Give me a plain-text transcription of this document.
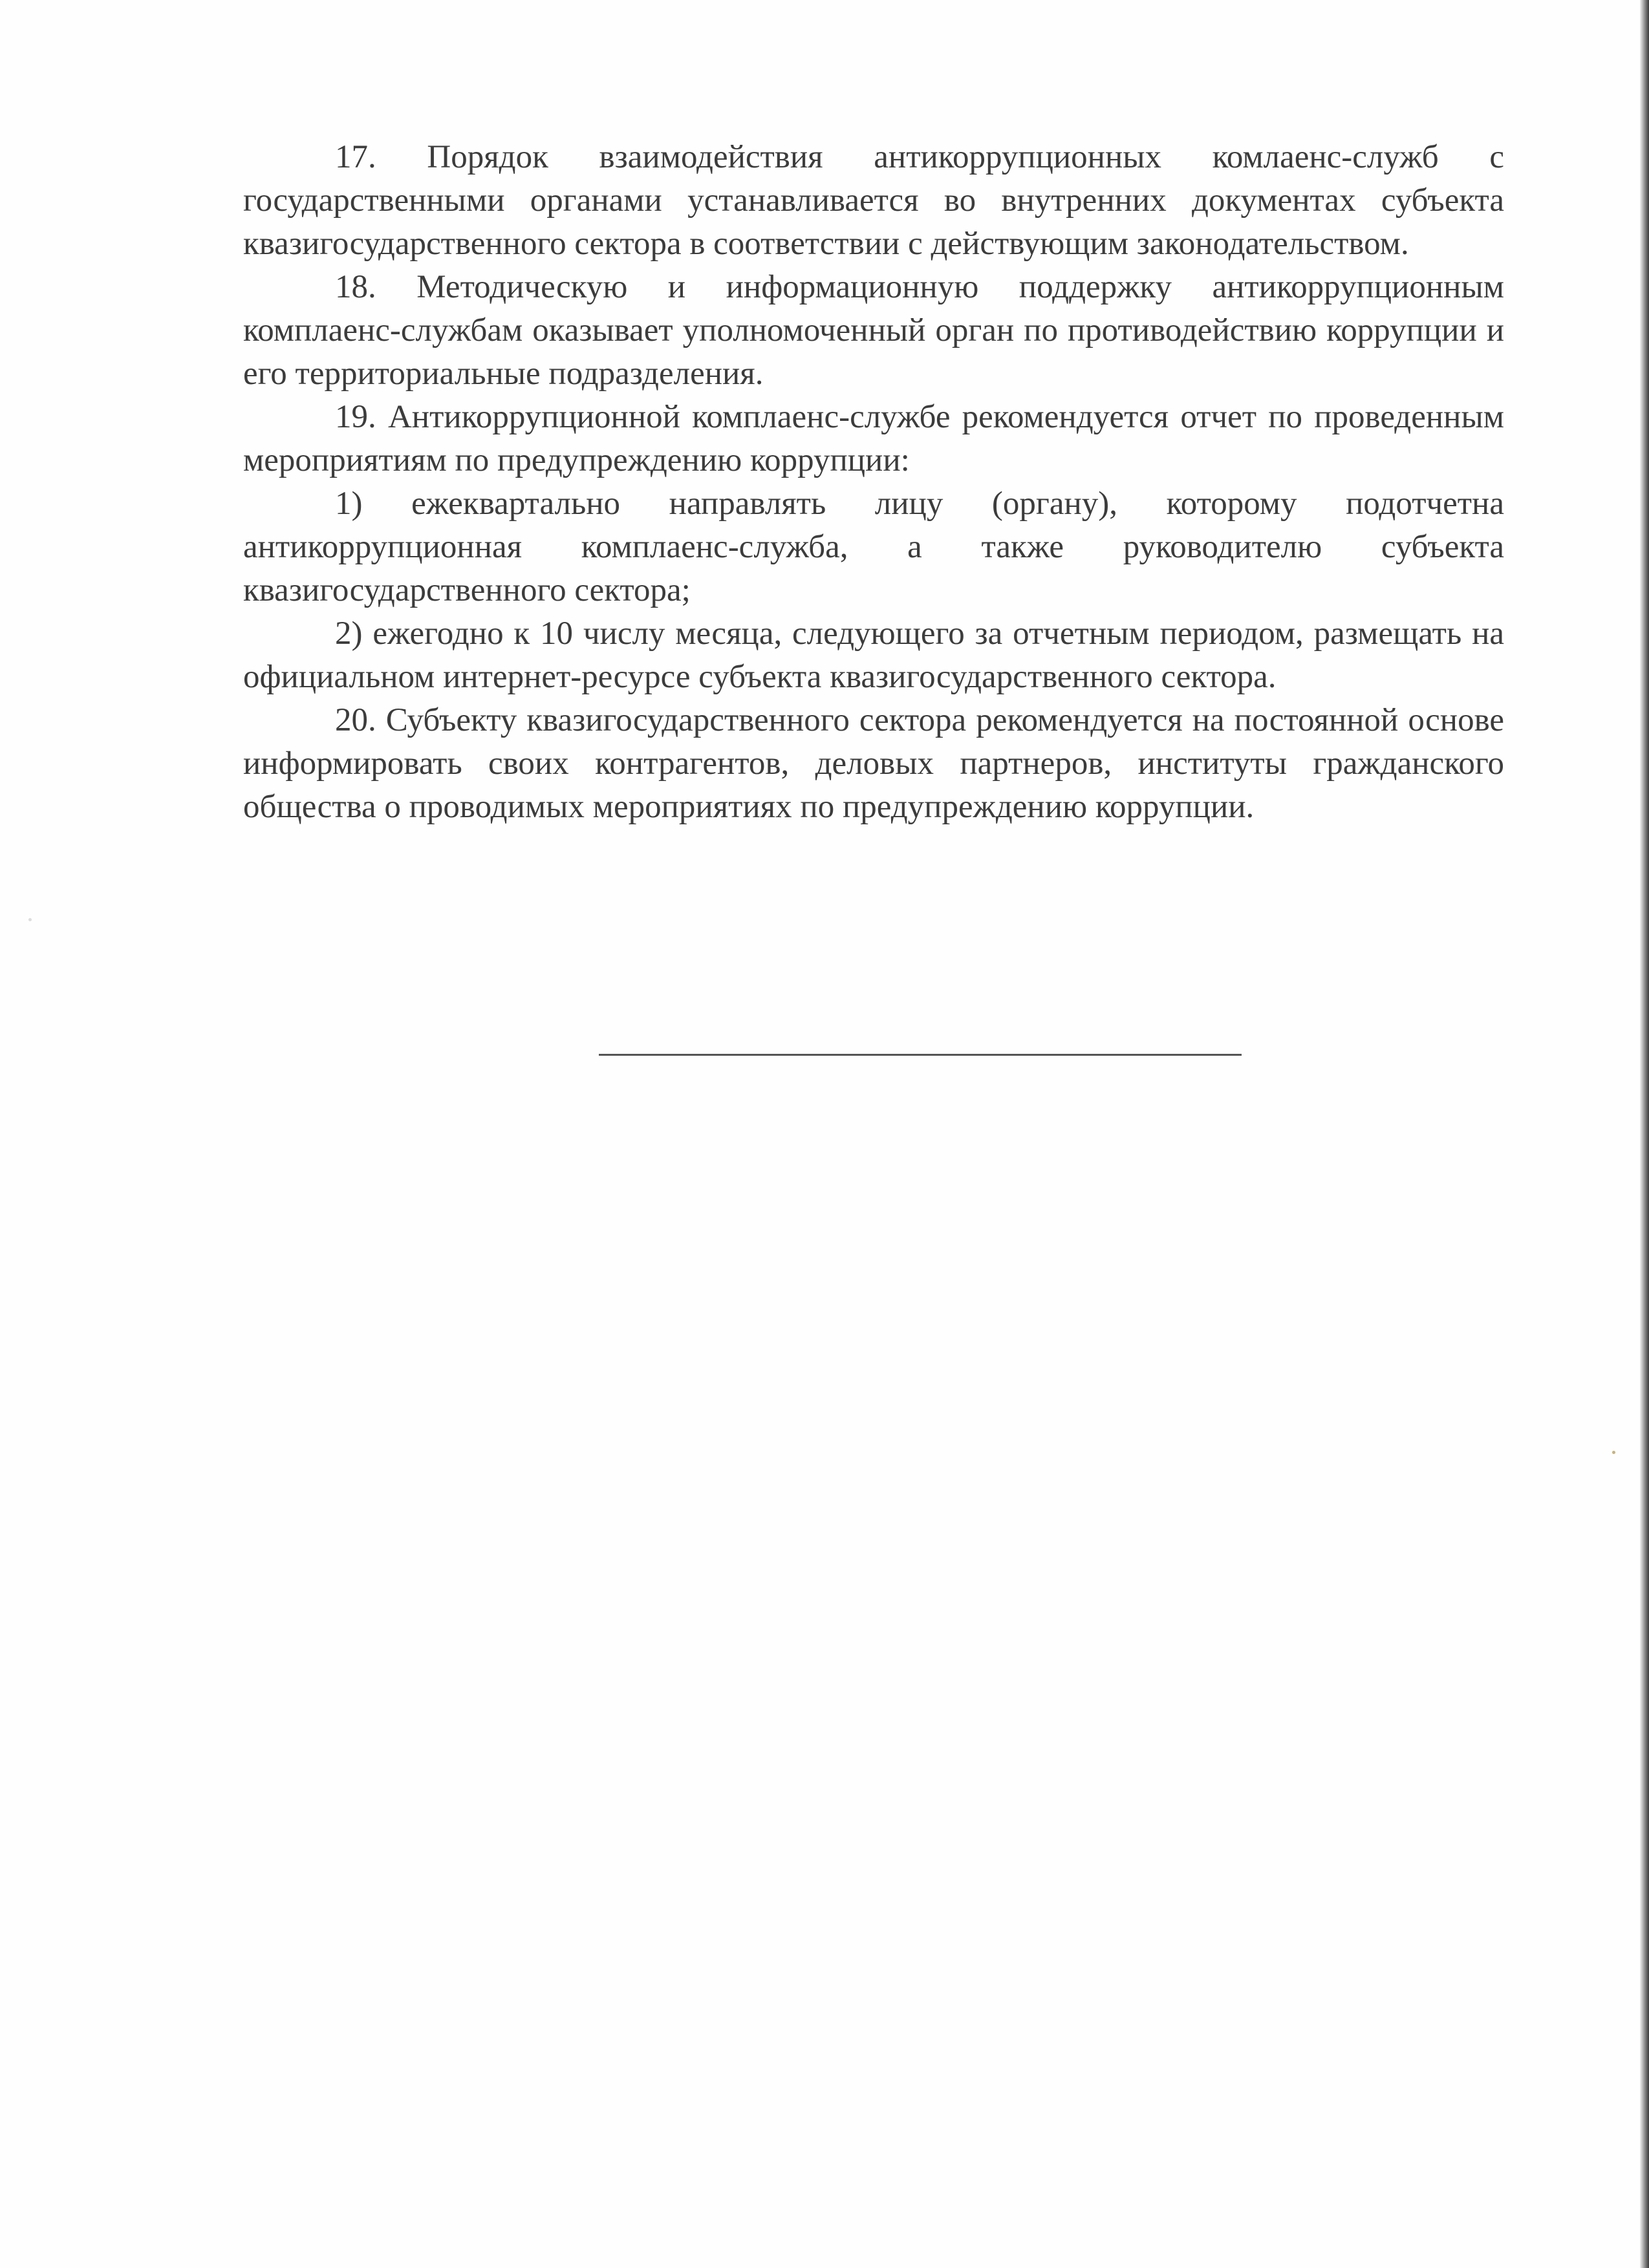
17. Порядок взаимодействия антикоррупционных комлаенс-служб с государственными органами устанавливается во внутренних документах субъекта квазигосударственного сектора в соответствии с действующим законодательством.

18. Методическую и информационную поддержку антикоррупционным комплаенс-службам оказывает уполномоченный орган по противодействию коррупции и его территориальные подразделения.

19. Антикоррупционной комплаенс-службе рекомендуется отчет по проведенным мероприятиям по предупреждению коррупции:

1) ежеквартально направлять лицу (органу), которому подотчетна антикоррупционная комплаенс-служба, а также руководителю субъекта квазигосударственного сектора;

2) ежегодно к 10 числу месяца, следующего за отчетным периодом, размещать на официальном интернет-ресурсе субъекта квазигосударственного сектора.

20. Субъекту квазигосударственного сектора рекомендуется на постоянной основе информировать своих контрагентов, деловых партнеров, институты гражданского общества о проводимых мероприятиях по предупреждению коррупции.
